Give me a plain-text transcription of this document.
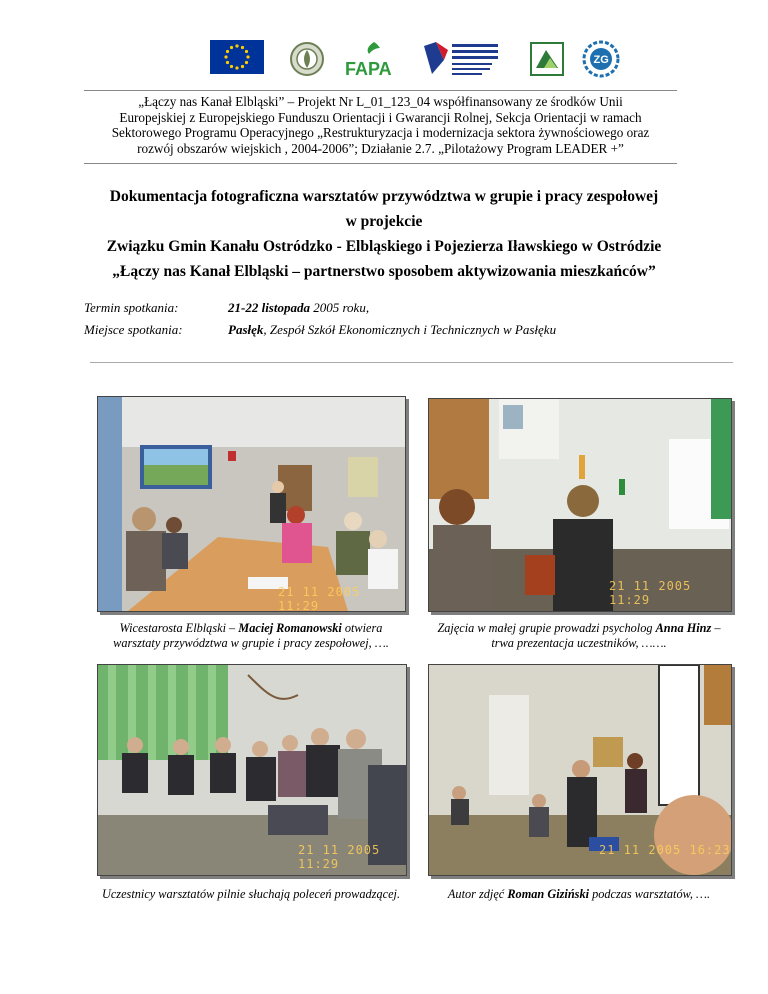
FAPA	ZG
„Łączy nas Kanał Elbląski” – Projekt Nr L_01_123_04 współfinansowany ze środków Unii
Europejskiej z Europejskiego Funduszu Orientacji i Gwarancji Rolnej, Sekcja Orientacji w ramach
Sektorowego Programu Operacyjnego „Restrukturyzacja i modernizacja sektora żywnościowego oraz
rozwój obszarów wiejskich , 2004-2006”; Działanie 2.7. „Pilotażowy Program LEADER +”
Dokumentacja fotograficzna warsztatów przywództwa w grupie i pracy zespołowej
w projekcie
Związku Gmin Kanału Ostródzko - Elbląskiego i Pojezierza Iławskiego w Ostródzie
„Łączy nas Kanał Elbląski – partnerstwo sposobem aktywizowania mieszkańców”
Termin spotkania:	21-22 listopada 2005 roku,
Miejsce spotkania:	Pasłęk, Zespół Szkół Ekonomicznych i Technicznych w Pasłęku
21 11 2005 11:29
Wicestarosta Elbląski – Maciej Romanowski otwiera
warsztaty przywództwa w grupie i pracy zespołowej, ….
21 11 2005 11:29
Zajęcia w małej grupie prowadzi psycholog Anna Hinz –
trwa prezentacja uczestników, …….
21 11 2005 11:29
Uczestnicy warsztatów pilnie słuchają poleceń prowadzącej.
21 11 2005 16:23
Autor zdjęć Roman Giziński podczas warsztatów, ….
